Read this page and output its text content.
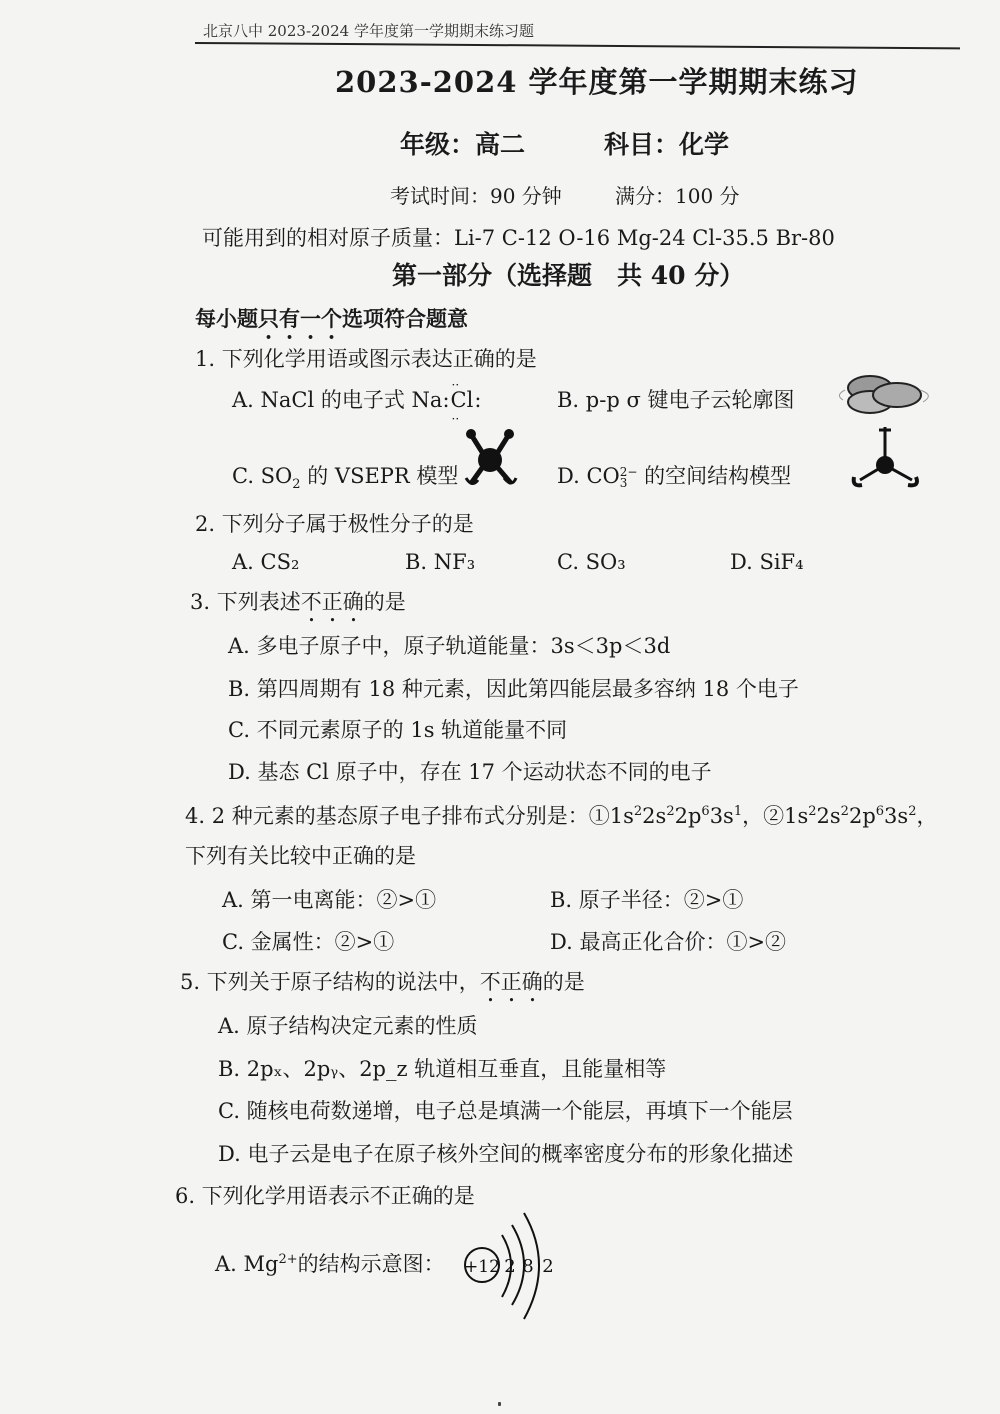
北京八中 2023-2024 学年度第一学期期末练习题
2023-2024 学年度第一学期期末练习
年级：高二	科目：化学
考试时间：90 分钟	满分：100 分
可能用到的相对原子质量：Li-7 C-12 O-16 Mg-24 Cl-35.5 Br-80
第一部分（选择题　共 40 分）
每小题只有一个选项符合题意
1. 下列化学用语或图示表达正确的是
A. NaCl 的电子式 Na:
··
Cl
··
:	B. p-p σ 键电子云轮廓图
C. $SO_2$ 的 VSEPR 模型	D. CO 2−
3 的空间结构模型
2. 下列分子属于极性分子的是
A. CS₂	B. NF₃	C. SO₃	D. SiF₄
3. 下列表述不正确的是
A. 多电子原子中，原子轨道能量：3s＜3p＜3d
B. 第四周期有 18 种元素，因此第四能层最多容纳 18 个电子
C. 不同元素原子的 1s 轨道能量不同
D. 基态 Cl 原子中，存在 17 个运动状态不同的电子
4. 2 种元素的基态原子电子排布式分别是：$①1s^22s^22p^63s^1$，$②1s^22s^22p^63s^2$，
下列有关比较中正确的是
A. 第一电离能：②>①	B. 原子半径：②>①
C. 金属性：②>①	D. 最高正化合价：①>②
5. 下列关于原子结构的说法中，不正确的是
A. 原子结构决定元素的性质
B. 2pₓ、2pᵧ、2p_z 轨道相互垂直，且能量相等
C. 随核电荷数递增，电子总是填满一个能层，再填下一个能层
D. 电子云是电子在原子核外空间的概率密度分布的形象化描述
6. 下列化学用语表示不正确的是
A. $Mg^{2+}$的结构示意图： +12 2 8 2
